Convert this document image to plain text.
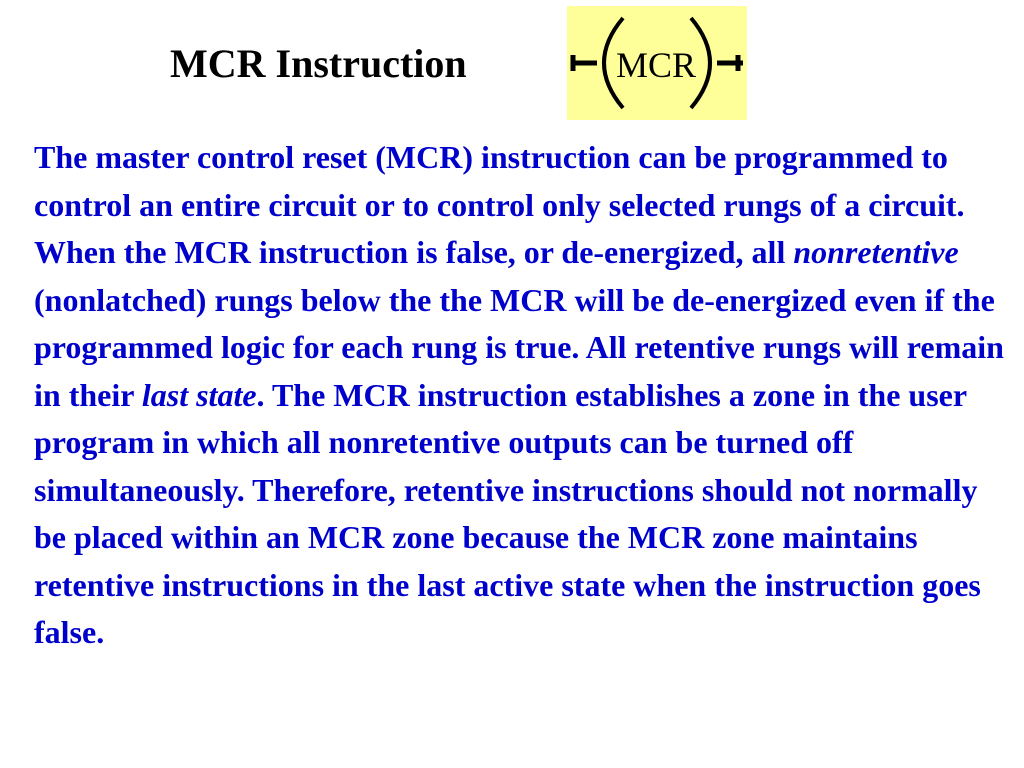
MCR Instruction	MCR

The master control reset (MCR) instruction can be programmed to control an entire circuit or to control only selected rungs of a circuit. When the MCR instruction is false, or de-energized, all nonretentive (nonlatched) rungs below the the MCR will be de-energized even if the programmed logic for each rung is true. All retentive rungs will remain in their last state. The MCR instruction establishes a zone in the user program in which all nonretentive outputs can be turned off simultaneously. Therefore, retentive instructions should not normally be placed within an MCR zone because the MCR zone maintains retentive instructions in the last active state when the instruction goes false.
